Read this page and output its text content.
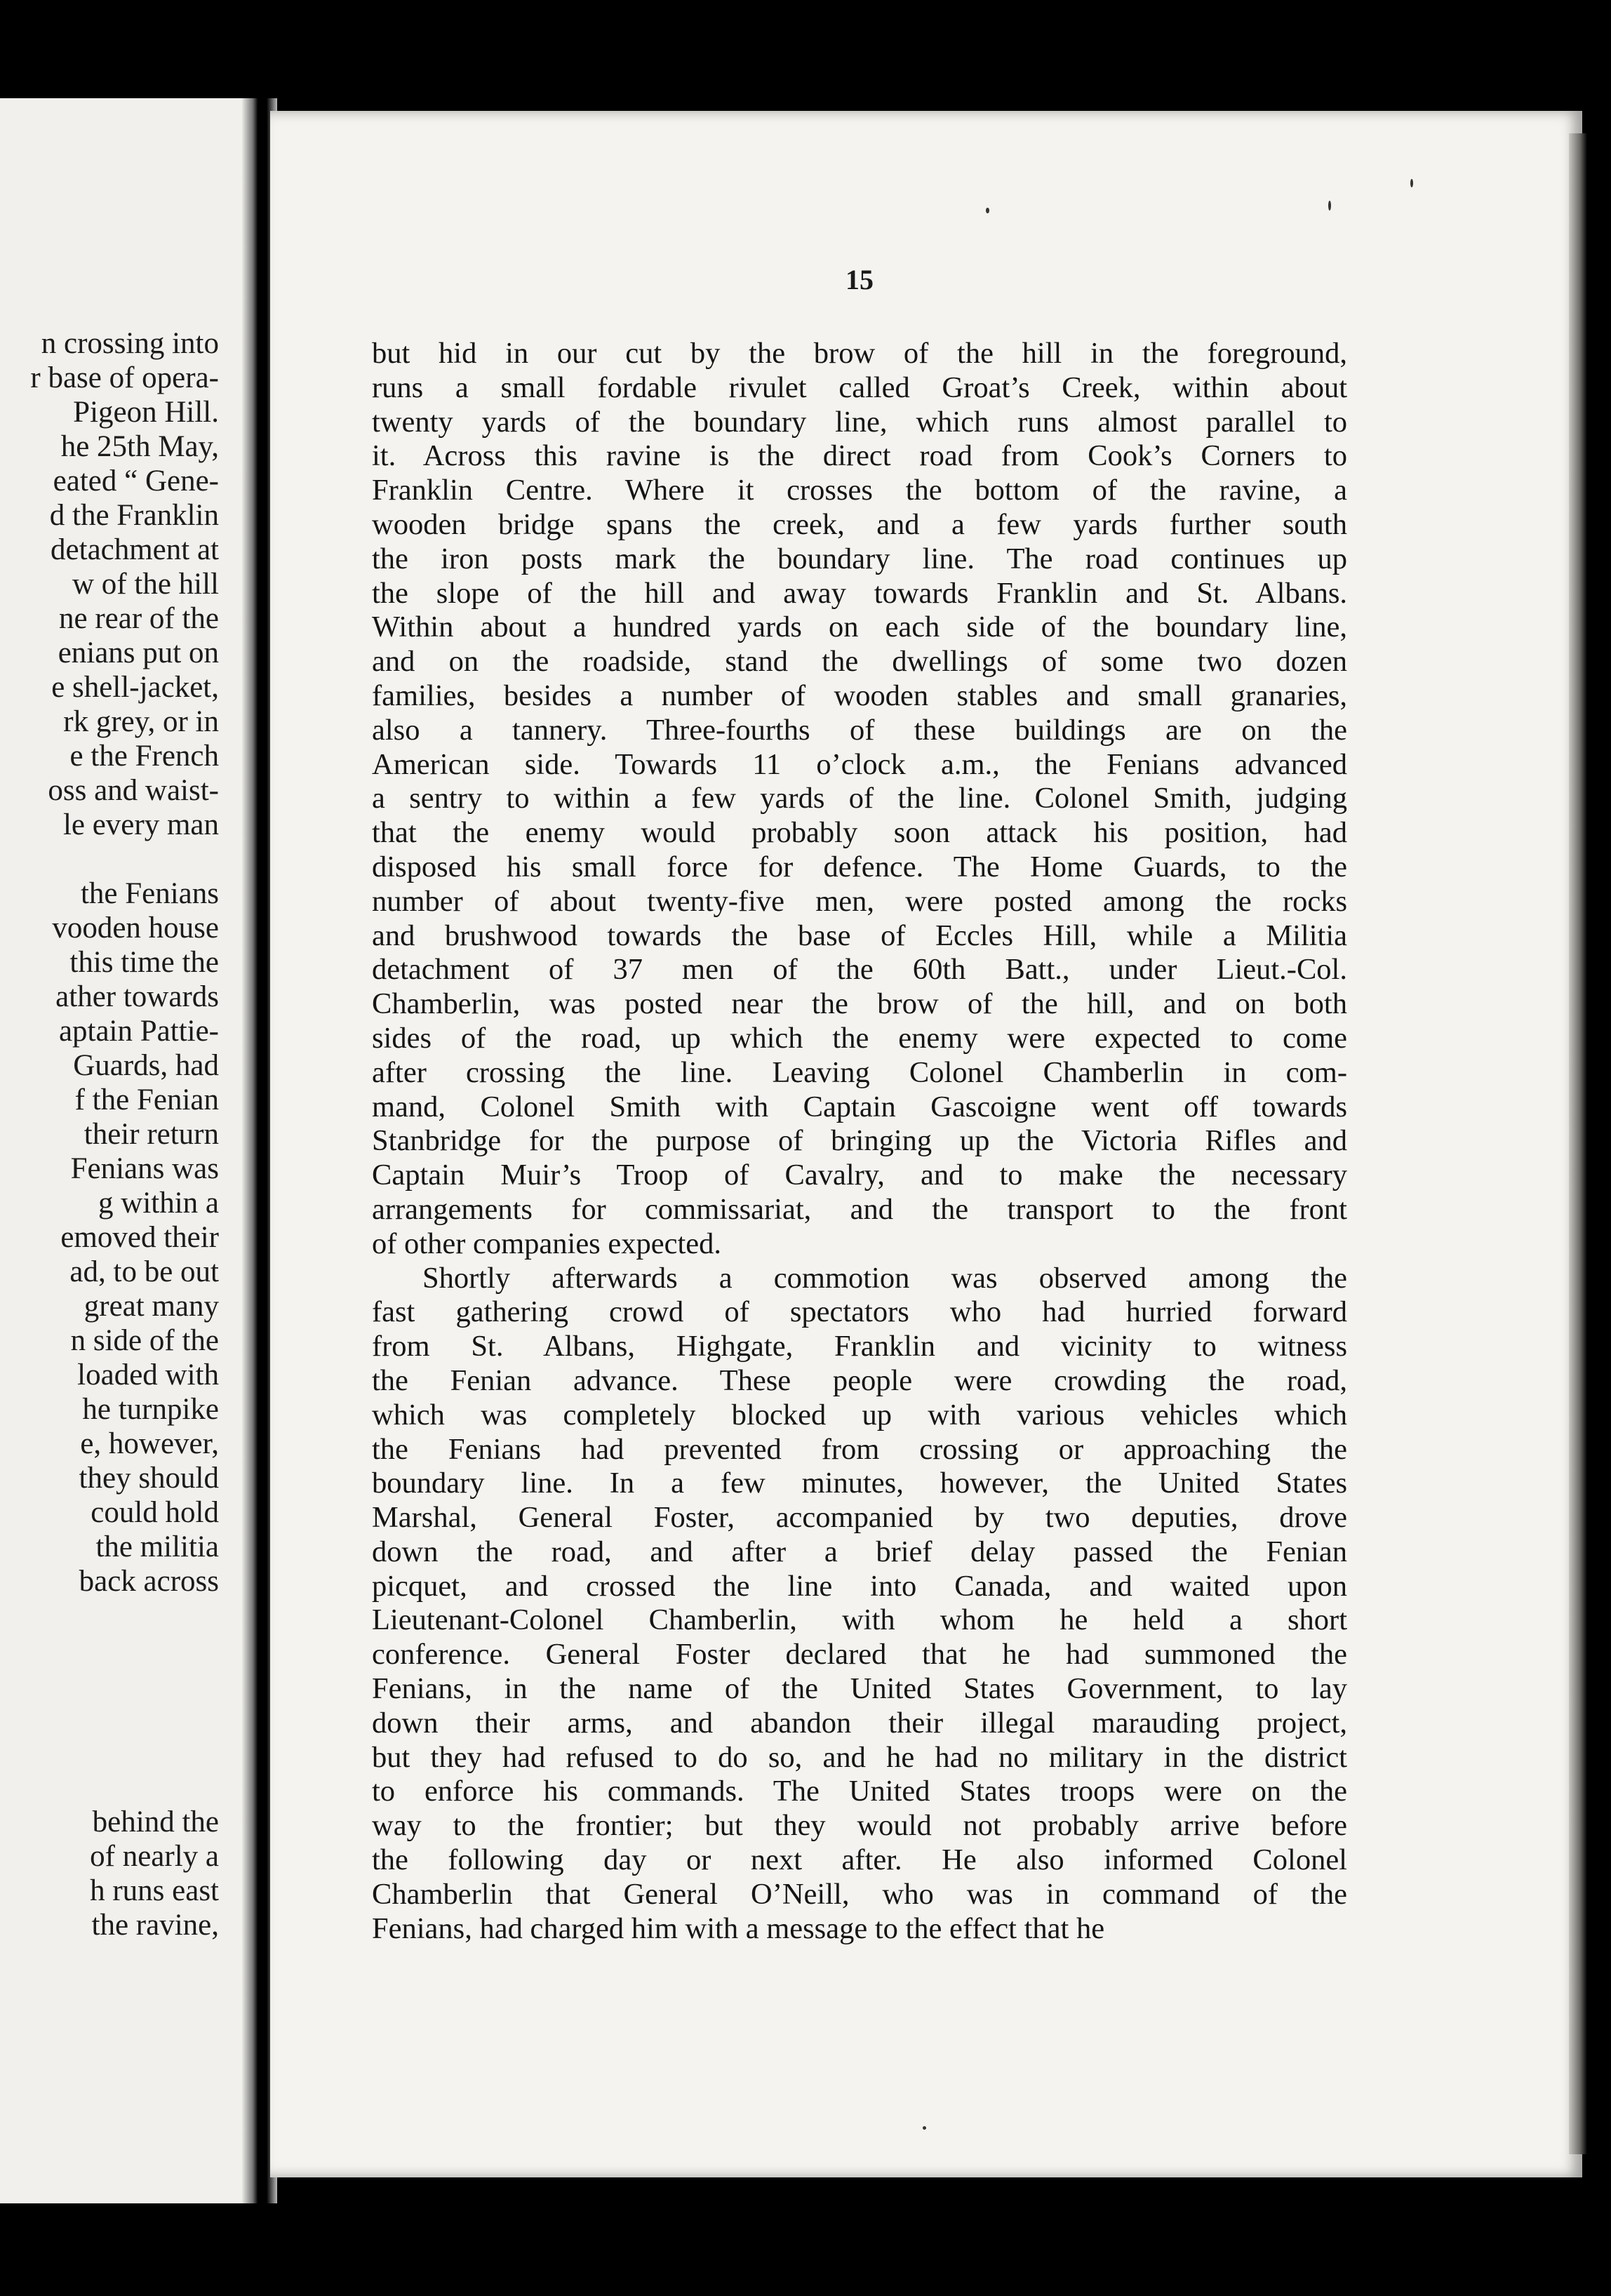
n crossing into
r base of opera-
Pigeon Hill.
he 25th May,
eated “ Gene-
d the Franklin
detachment at
w of the hill
ne rear of the
enians put on
e shell-jacket,
rk grey, or in
e the French
oss and waist-
le every man
the Fenians
vooden house
this time the
ather towards
aptain Pattie-
Guards, had
f the Fenian
their return
Fenians was
g within a
emoved their
ad, to be out
great many
n side of the
loaded with
he turnpike
e, however,
they should
could hold
the militia
back across
behind the
of nearly a
h runs east
the ravine,
15
but hid in our cut by the brow of the hill in the foreground,
runs a small fordable rivulet called Groat’s Creek, within about
twenty yards of the boundary line, which runs almost parallel to
it. Across this ravine is the direct road from Cook’s Corners to
Franklin Centre. Where it crosses the bottom of the ravine, a
wooden bridge spans the creek, and a few yards further south
the iron posts mark the boundary line. The road continues up
the slope of the hill and away towards Franklin and St. Albans.
Within about a hundred yards on each side of the boundary line,
and on the roadside, stand the dwellings of some two dozen
families, besides a number of wooden stables and small granaries,
also a tannery. Three-fourths of these buildings are on the
American side. Towards 11 o’clock a.m., the Fenians advanced
a sentry to within a few yards of the line. Colonel Smith, judging
that the enemy would probably soon attack his position, had
disposed his small force for defence. The Home Guards, to the
number of about twenty-five men, were posted among the rocks
and brushwood towards the base of Eccles Hill, while a Militia
detachment of 37 men of the 60th Batt., under Lieut.-Col.
Chamberlin, was posted near the brow of the hill, and on both
sides of the road, up which the enemy were expected to come
after crossing the line. Leaving Colonel Chamberlin in com-
mand, Colonel Smith with Captain Gascoigne went off towards
Stanbridge for the purpose of bringing up the Victoria Rifles and
Captain Muir’s Troop of Cavalry, and to make the necessary
arrangements for commissariat, and the transport to the front
of other companies expected.
Shortly afterwards a commotion was observed among the
fast gathering crowd of spectators who had hurried forward
from St. Albans, Highgate, Franklin and vicinity to witness
the Fenian advance. These people were crowding the road,
which was completely blocked up with various vehicles which
the Fenians had prevented from crossing or approaching the
boundary line. In a few minutes, however, the United States
Marshal, General Foster, accompanied by two deputies, drove
down the road, and after a brief delay passed the Fenian
picquet, and crossed the line into Canada, and waited upon
Lieutenant-Colonel Chamberlin, with whom he held a short
conference. General Foster declared that he had summoned the
Fenians, in the name of the United States Government, to lay
down their arms, and abandon their illegal marauding project,
but they had refused to do so, and he had no military in the district
to enforce his commands. The United States troops were on the
way to the frontier; but they would not probably arrive before
the following day or next after. He also informed Colonel
Chamberlin that General O’Neill, who was in command of the
Fenians, had charged him with a message to the effect that he
